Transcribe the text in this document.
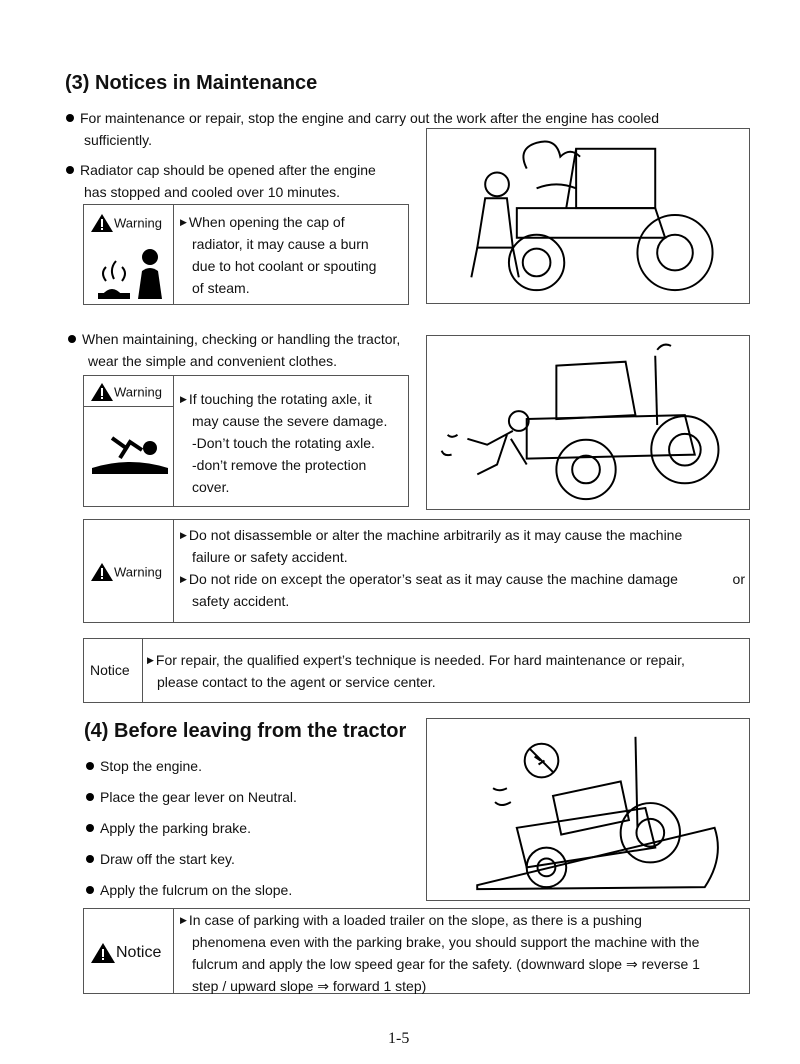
(3) Notices in Maintenance
For maintenance or repair, stop the engine and carry out the work after the engine has cooled
sufficiently.
Radiator cap should be opened after the engine
has stopped and cooled over 10 minutes.
Warning ▶ When opening the cap of
radiator, it may cause a burn
due to hot coolant or spouting
of steam.
When maintaining, checking or handling the tractor,
wear the simple and convenient clothes.
Warning ▶ If touching the rotating axle, it
may cause the severe damage.
-Don’t touch the rotating axle.
-don’t remove the protection
cover.
Warning
▶ Do not disassemble or alter the machine arbitrarily as it may cause the machine
failure or safety accident.
▶ Do not ride on except the operator’s seat as it may cause the machine damage	or
safety accident.
Notice
▶ For repair, the qualified expert’s technique is needed. For hard maintenance or repair,
please contact to the agent or service center.
(4) Before leaving from the tractor
Stop the engine.
Place the gear lever on Neutral.
Apply the parking brake.
Draw off the start key.
Apply the fulcrum on the slope.
Notice
▶ In case of parking with a loaded trailer on the slope, as there is a pushing
phenomena even with the parking brake, you should support the machine with the
fulcrum and apply the low speed gear for the safety. (downward slope ⇒ reverse 1
step / upward slope ⇒ forward 1 step)
1-5
